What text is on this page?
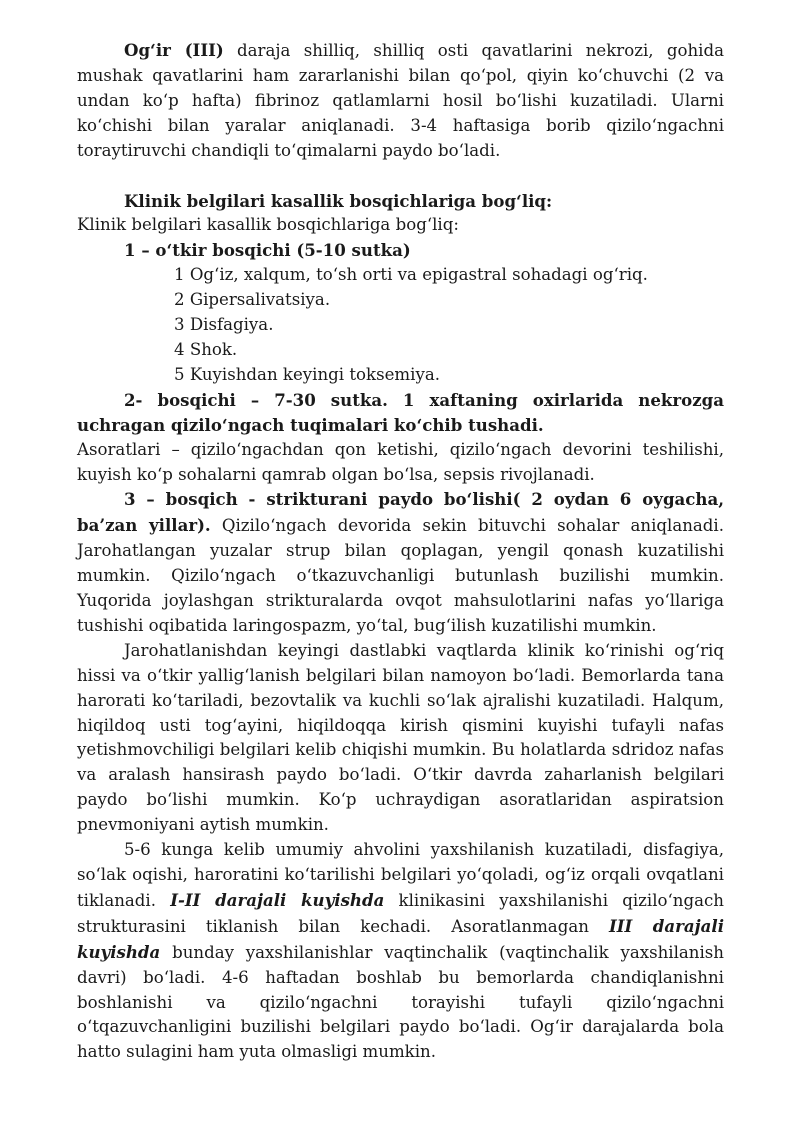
Og‘ir (III) daraja shilliq, shilliq osti qavatlarini nekrozi, gohida mushak qavatlarini ham zararlanishi bilan qo‘pol, qiyin ko‘chuvchi (2 va undan ko‘p hafta) fibrinoz qatlamlarni hosil bo‘lishi kuzatiladi. Ularni ko‘chishi bilan yaralar aniqlanadi. 3-4 haftasiga borib qizilo‘ngachni toraytiruvchi chandiqli to‘qimalarni paydo bo‘ladi.

Klinik belgilari kasallik bosqichlariga bog‘liq:

Klinik belgilari kasallik bosqichlariga bog‘liq:

1 – o‘tkir bosqichi (5-10 sutka)

1 Og‘iz, xalqum, to‘sh orti va epigastral sohadagi og‘riq.

2 Gipersalivatsiya.

3 Disfagiya.

4 Shok.

5 Kuyishdan keyingi toksemiya.

2- bosqichi – 7-30 sutka. 1 xaftaning oxirlarida nekrozga uchragan qizilo‘ngach tuqimalari ko‘chib tushadi.

Asoratlari – qizilo‘ngachdan qon ketishi, qizilo‘ngach devorini teshilishi, kuyish ko‘p sohalarni qamrab olgan bo‘lsa, sepsis rivojlanadi.

3 – bosqich - strikturani paydo bo‘lishi( 2 oydan 6 oygacha, ba’zan yillar). Qizilo‘ngach devorida sekin bituvchi sohalar aniqlanadi. Jarohatlangan yuzalar strup bilan qoplagan, yengil qonash kuzatilishi mumkin. Qizilo‘ngach o‘tkazuvchanligi butunlash buzilishi mumkin. Yuqorida joylashgan strikturalarda ovqot mahsulotlarini nafas yo‘llariga tushishi oqibatida laringospazm, yo‘tal, bug‘ilish kuzatilishi mumkin.

Jarohatlanishdan keyingi dastlabki vaqtlarda klinik ko‘rinishi og‘riq hissi va o‘tkir yallig‘lanish belgilari bilan namoyon bo‘ladi. Bemorlarda tana harorati ko‘tariladi, bezovtalik va kuchli so‘lak ajralishi kuzatiladi. Halqum, hiqildoq usti tog‘ayini, hiqildoqqa kirish qismini kuyishi tufayli nafas yetishmovchiligi belgilari kelib chiqishi mumkin. Bu holatlarda sdridoz nafas va aralash hansirash paydo bo‘ladi. O‘tkir davrda zaharlanish belgilari paydo bo‘lishi mumkin. Ko‘p uchraydigan asoratlaridan aspiratsion pnevmoniyani aytish mumkin.

5-6 kunga kelib umumiy ahvolini yaxshilanish kuzatiladi, disfagiya, so‘lak oqishi, haroratini ko‘tarilishi belgilari yo‘qoladi, og‘iz orqali ovqatlani tiklanadi. I-II darajali kuyishda klinikasini yaxshilanishi qizilo‘ngach strukturasini tiklanish bilan kechadi. Asoratlanmagan III darajali kuyishda bunday yaxshilanishlar vaqtinchalik (vaqtinchalik yaxshilanish davri) bo‘ladi. 4-6 haftadan boshlab bu bemorlarda chandiqlanishni boshlanishi va qizilo‘ngachni torayishi tufayli qizilo‘ngachni o‘tqazuvchanligini buzilishi belgilari paydo bo‘ladi. Og‘ir darajalarda bola hatto sulagini ham yuta olmasligi mumkin.
